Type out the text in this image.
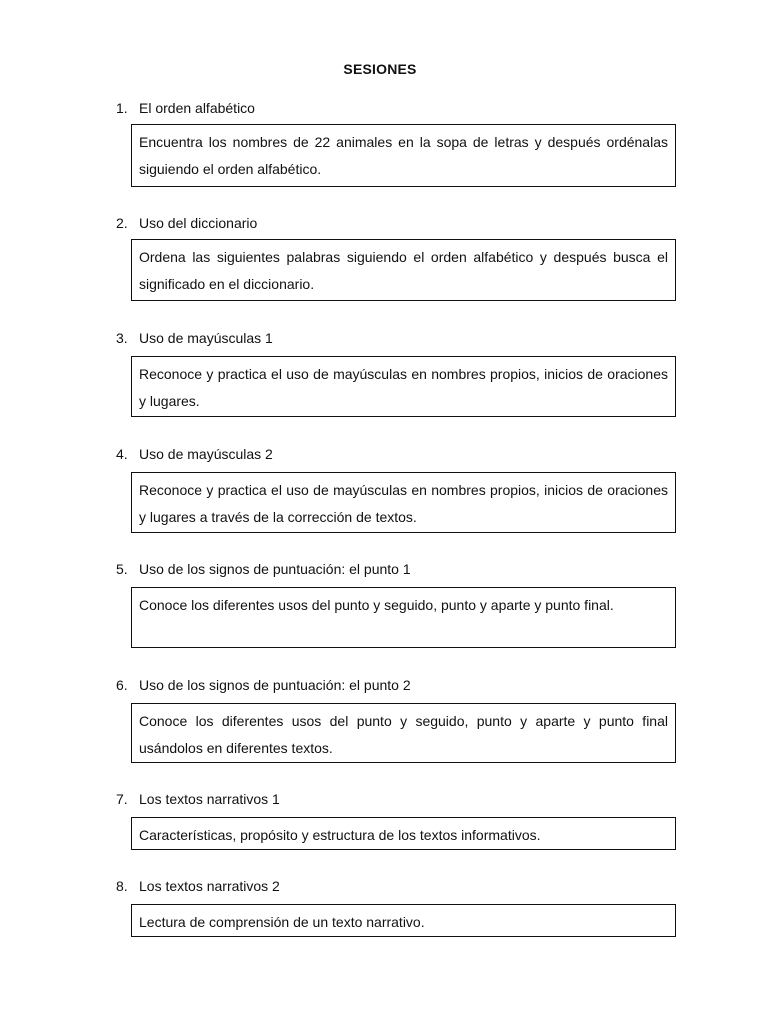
SESIONES
1. El orden alfabético
Encuentra los nombres de 22 animales en la sopa de letras y después ordénalas siguiendo el orden alfabético.
2. Uso del diccionario
Ordena las siguientes palabras siguiendo el orden alfabético y después busca el significado en el diccionario.
3. Uso de mayúsculas 1
Reconoce y practica el uso de mayúsculas en nombres propios, inicios de oraciones y lugares.
4. Uso de mayúsculas 2
Reconoce y practica el uso de mayúsculas en nombres propios, inicios de oraciones y lugares a través de la corrección de textos.
5. Uso de los signos de puntuación: el punto 1
Conoce los diferentes usos del punto y seguido, punto y aparte y punto final.
6. Uso de los signos de puntuación: el punto 2
Conoce los diferentes usos del punto y seguido, punto y aparte y punto final usándolos en diferentes textos.
7. Los textos narrativos 1
Características, propósito y estructura de los textos informativos.
8. Los textos narrativos 2
Lectura de comprensión de un texto narrativo.
